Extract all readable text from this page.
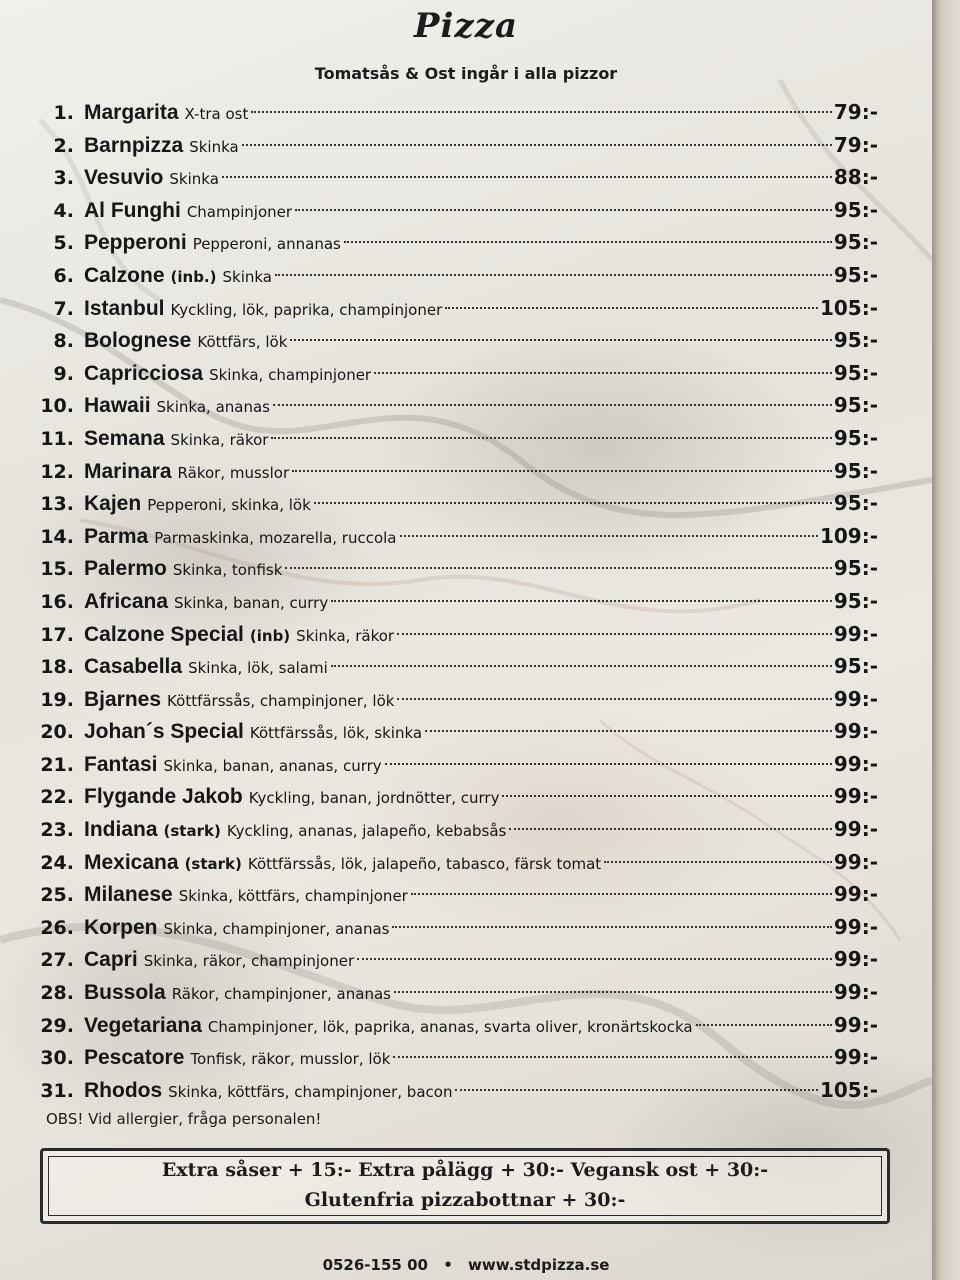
Pizza
Tomatsås & Ost ingår i alla pizzor
1. Margarita X-tra ost	79:-
2. Barnpizza Skinka	79:-
3. Vesuvio Skinka	88:-
4. Al Funghi Champinjoner	95:-
5. Pepperoni Pepperoni, annanas	95:-
6. Calzone (inb.) Skinka	95:-
7. Istanbul Kyckling, lök, paprika, champinjoner	105:-
8. Bolognese Köttfärs, lök	95:-
9. Capricciosa Skinka, champinjoner	95:-
10. Hawaii Skinka, ananas	95:-
11. Semana Skinka, räkor	95:-
12. Marinara Räkor, musslor	95:-
13. Kajen Pepperoni, skinka, lök	95:-
14. Parma Parmaskinka, mozarella, ruccola	109:-
15. Palermo Skinka, tonfisk	95:-
16. Africana Skinka, banan, curry	95:-
17. Calzone Special (inb) Skinka, räkor	99:-
18. Casabella Skinka, lök, salami	95:-
19. Bjarnes Köttfärssås, champinjoner, lök	99:-
20. Johan´s Special Köttfärssås, lök, skinka	99:-
21. Fantasi Skinka, banan, ananas, curry	99:-
22. Flygande Jakob Kyckling, banan, jordnötter, curry	99:-
23. Indiana (stark) Kyckling, ananas, jalapeño, kebabsås	99:-
24. Mexicana (stark) Köttfärssås, lök, jalapeño, tabasco, färsk tomat	99:-
25. Milanese Skinka, köttfärs, champinjoner	99:-
26. Korpen Skinka, champinjoner, ananas	99:-
27. Capri Skinka, räkor, champinjoner	99:-
28. Bussola Räkor, champinjoner, ananas	99:-
29. Vegetariana Champinjoner, lök, paprika, ananas, svarta oliver, kronärtskocka	99:-
30. Pescatore Tonfisk, räkor, musslor, lök	99:-
31. Rhodos Skinka, köttfärs, champinjoner, bacon	105:-
OBS! Vid allergier, fråga personalen!
Extra såser + 15:- Extra pålägg + 30:- Vegansk ost + 30:-
Glutenfria pizzabottnar + 30:-
0526-155 00 • www.stdpizza.se
